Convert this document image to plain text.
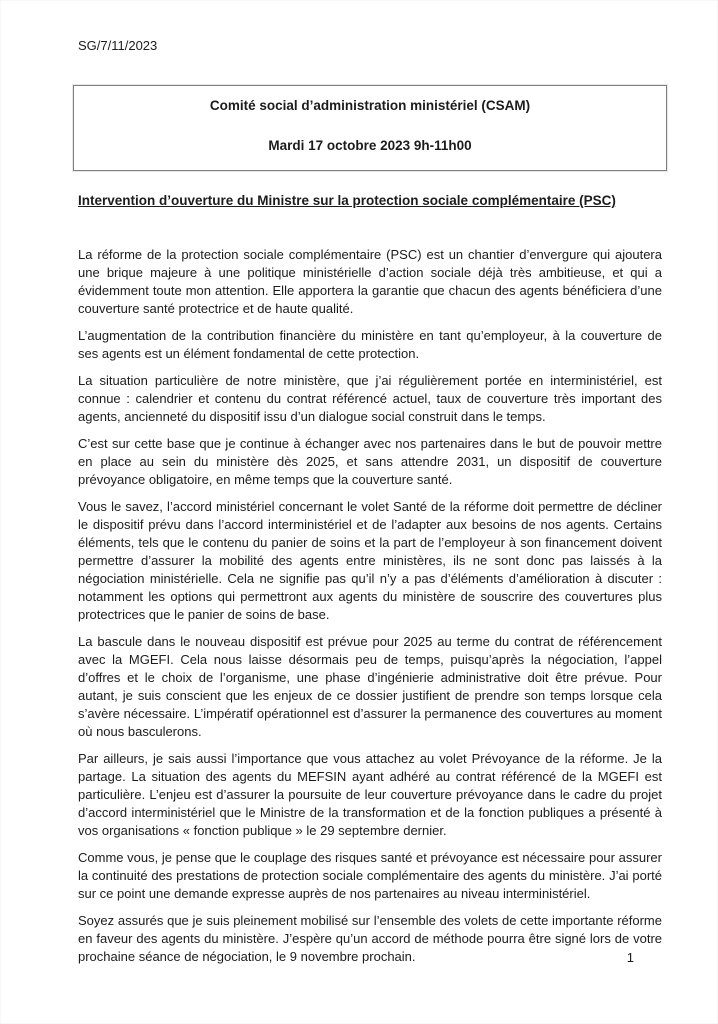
SG/7/11/2023
Comité social d’administration ministériel (CSAM)
Mardi 17 octobre 2023 9h-11h00
Intervention d’ouverture du Ministre sur la protection sociale complémentaire (PSC)

La réforme de la protection sociale complémentaire (PSC) est un chantier d’envergure qui ajoutera une brique majeure à une politique ministérielle d’action sociale déjà très ambitieuse, et qui a évidemment toute mon attention. Elle apportera la garantie que chacun des agents bénéficiera d’une couverture santé protectrice et de haute qualité.

L’augmentation de la contribution financière du ministère en tant qu’employeur, à la couverture de ses agents est un élément fondamental de cette protection.

La situation particulière de notre ministère, que j’ai régulièrement portée en interministériel, est connue : calendrier et contenu du contrat référencé actuel, taux de couverture très important des agents, ancienneté du dispositif issu d’un dialogue social construit dans le temps.

C’est sur cette base que je continue à échanger avec nos partenaires dans le but de pouvoir mettre en place au sein du ministère dès 2025, et sans attendre 2031, un dispositif de couverture prévoyance obligatoire, en même temps que la couverture santé.

Vous le savez, l’accord ministériel concernant le volet Santé de la réforme doit permettre de décliner le dispositif prévu dans l’accord interministériel et de l’adapter aux besoins de nos agents. Certains éléments, tels que le contenu du panier de soins et la part de l’employeur à son financement doivent permettre d’assurer la mobilité des agents entre ministères, ils ne sont donc pas laissés à la négociation ministérielle. Cela ne signifie pas qu’il n’y a pas d’éléments d’amélioration à discuter : notamment les options qui permettront aux agents du ministère de souscrire des couvertures plus protectrices que le panier de soins de base.

La bascule dans le nouveau dispositif est prévue pour 2025 au terme du contrat de référencement avec la MGEFI. Cela nous laisse désormais peu de temps, puisqu’après la négociation, l’appel d’offres et le choix de l’organisme, une phase d’ingénierie administrative doit être prévue. Pour autant, je suis conscient que les enjeux de ce dossier justifient de prendre son temps lorsque cela s’avère nécessaire. L’impératif opérationnel est d’assurer la permanence des couvertures au moment où nous basculerons.

Par ailleurs, je sais aussi l’importance que vous attachez au volet Prévoyance de la réforme. Je la partage. La situation des agents du MEFSIN ayant adhéré au contrat référencé de la MGEFI est particulière. L’enjeu est d’assurer la poursuite de leur couverture prévoyance dans le cadre du projet d’accord interministériel que le Ministre de la transformation et de la fonction publiques a présenté à vos organisations « fonction publique » le 29 septembre dernier.

Comme vous, je pense que le couplage des risques santé et prévoyance est nécessaire pour assurer la continuité des prestations de protection sociale complémentaire des agents du ministère. J’ai porté sur ce point une demande expresse auprès de nos partenaires au niveau interministériel.

Soyez assurés que je suis pleinement mobilisé sur l’ensemble des volets de cette importante réforme en faveur des agents du ministère. J’espère qu’un accord de méthode pourra être signé lors de votre prochaine séance de négociation, le 9 novembre prochain.	1
